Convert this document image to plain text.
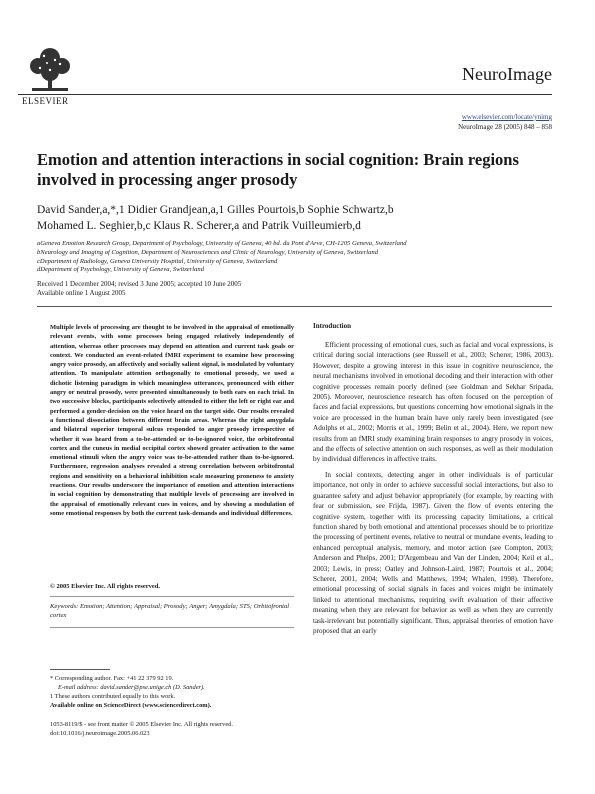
ELSEVIER
NeuroImage
www.elsevier.com/locate/ynimg
NeuroImage 28 (2005) 848 – 858
Emotion and attention interactions in social cognition: Brain regions involved in processing anger prosody
David Sander,a,*,1 Didier Grandjean,a,1 Gilles Pourtois,b Sophie Schwartz,b
Mohamed L. Seghier,b,c Klaus R. Scherer,a and Patrik Vuilleumierb,d
aGeneva Emotion Research Group, Department of Psychology, University of Geneva, 40 bd. du Pont d'Arve, CH-1205 Geneva, Switzerland
bNeurology and Imaging of Cognition, Department of Neurosciences and Clinic of Neurology, University of Geneva, Switzerland
cDepartment of Radiology, Geneva University Hospital, University of Geneva, Switzerland
dDepartment of Psychology, University of Geneva, Switzerland
Received 1 December 2004; revised 3 June 2005; accepted 10 June 2005
Available online 1 August 2005
Multiple levels of processing are thought to be involved in the appraisal of emotionally relevant events, with some processes being engaged relatively independently of attention, whereas other processes may depend on attention and current task goals or context. We conducted an event-related fMRI experiment to examine how processing angry voice prosody, an affectively and socially salient signal, is modulated by voluntary attention. To manipulate attention orthogonally to emotional prosody, we used a dichotic listening paradigm in which meaningless utterances, pronounced with either angry or neutral prosody, were presented simultaneously to both ears on each trial. In two successive blocks, participants selectively attended to either the left or right ear and performed a gender-decision on the voice heard on the target side. Our results revealed a functional dissociation between different brain areas. Whereas the right amygdala and bilateral superior temporal sulcus responded to anger prosody irrespective of whether it was heard from a to-be-attended or to-be-ignored voice, the orbitofrontal cortex and the cuneus in medial occipital cortex showed greater activation to the same emotional stimuli when the angry voice was to-be-attended rather than to-be-ignored. Furthermore, regression analyses revealed a strong correlation between orbitofrontal regions and sensitivity on a behavioral inhibition scale measuring proneness to anxiety reactions. Our results underscore the importance of emotion and attention interactions in social cognition by demonstrating that multiple levels of processing are involved in the appraisal of emotionally relevant cues in voices, and by showing a modulation of some emotional responses by both the current task-demands and individual differences.
© 2005 Elsevier Inc. All rights reserved.
Keywords: Emotion; Attention; Appraisal; Prosody; Anger; Amygdala; STS; Orbitofrontal cortex
Introduction

Efficient processing of emotional cues, such as facial and vocal expressions, is critical during social interactions (see Russell et al., 2003; Scherer, 1986, 2003). However, despite a growing interest in this issue in cognitive neuroscience, the neural mechanisms involved in emotional decoding and their interaction with other cognitive processes remain poorly defined (see Goldman and Sekhar Sripada, 2005). Moreover, neuroscience research has often focused on the perception of faces and facial expressions, but questions concerning how emotional signals in the voice are processed in the human brain have only rarely been investigated (see Adolphs et al., 2002; Morris et al., 1999; Belin et al., 2004). Here, we report new results from an fMRI study examining brain responses to angry prosody in voices, and the effects of selective attention on such responses, as well as their modulation by individual differences in affective traits.

In social contexts, detecting anger in other individuals is of particular importance, not only in order to achieve successful social interactions, but also to guarantee safety and adjust behavior appropriately (for example, by reacting with fear or submission, see Frijda, 1987). Given the flow of events entering the cognitive system, together with its processing capacity limitations, a critical function shared by both emotional and attentional processes should be to prioritize the processing of pertinent events, relative to neutral or mundane events, leading to enhanced perceptual analysis, memory, and motor action (see Compton, 2003; Anderson and Phelps, 2001; D'Argembeau and Van der Linden, 2004; Keil et al., 2003; Lewis, in press; Oatley and Johnson-Laird, 1987; Pourtois et al., 2004; Scherer, 2001, 2004; Wells and Matthews, 1994; Whalen, 1998). Therefore, emotional processing of social signals in faces and voices might be intimately linked to attentional mechanisms, requiring swift evaluation of their affective meaning when they are relevant for behavior as well as when they are currently task-irrelevant but potentially significant. Thus, appraisal theories of emotion have proposed that an early

* Corresponding author. Fax: +41 22 379 92 19.
E-mail address: david.sander@pse.unige.ch (D. Sander).
1 These authors contributed equally to this work.
Available online on ScienceDirect (www.sciencedirect.com).
1053-8119/$ - see front matter © 2005 Elsevier Inc. All rights reserved.
doi:10.1016/j.neuroimage.2005.06.023
